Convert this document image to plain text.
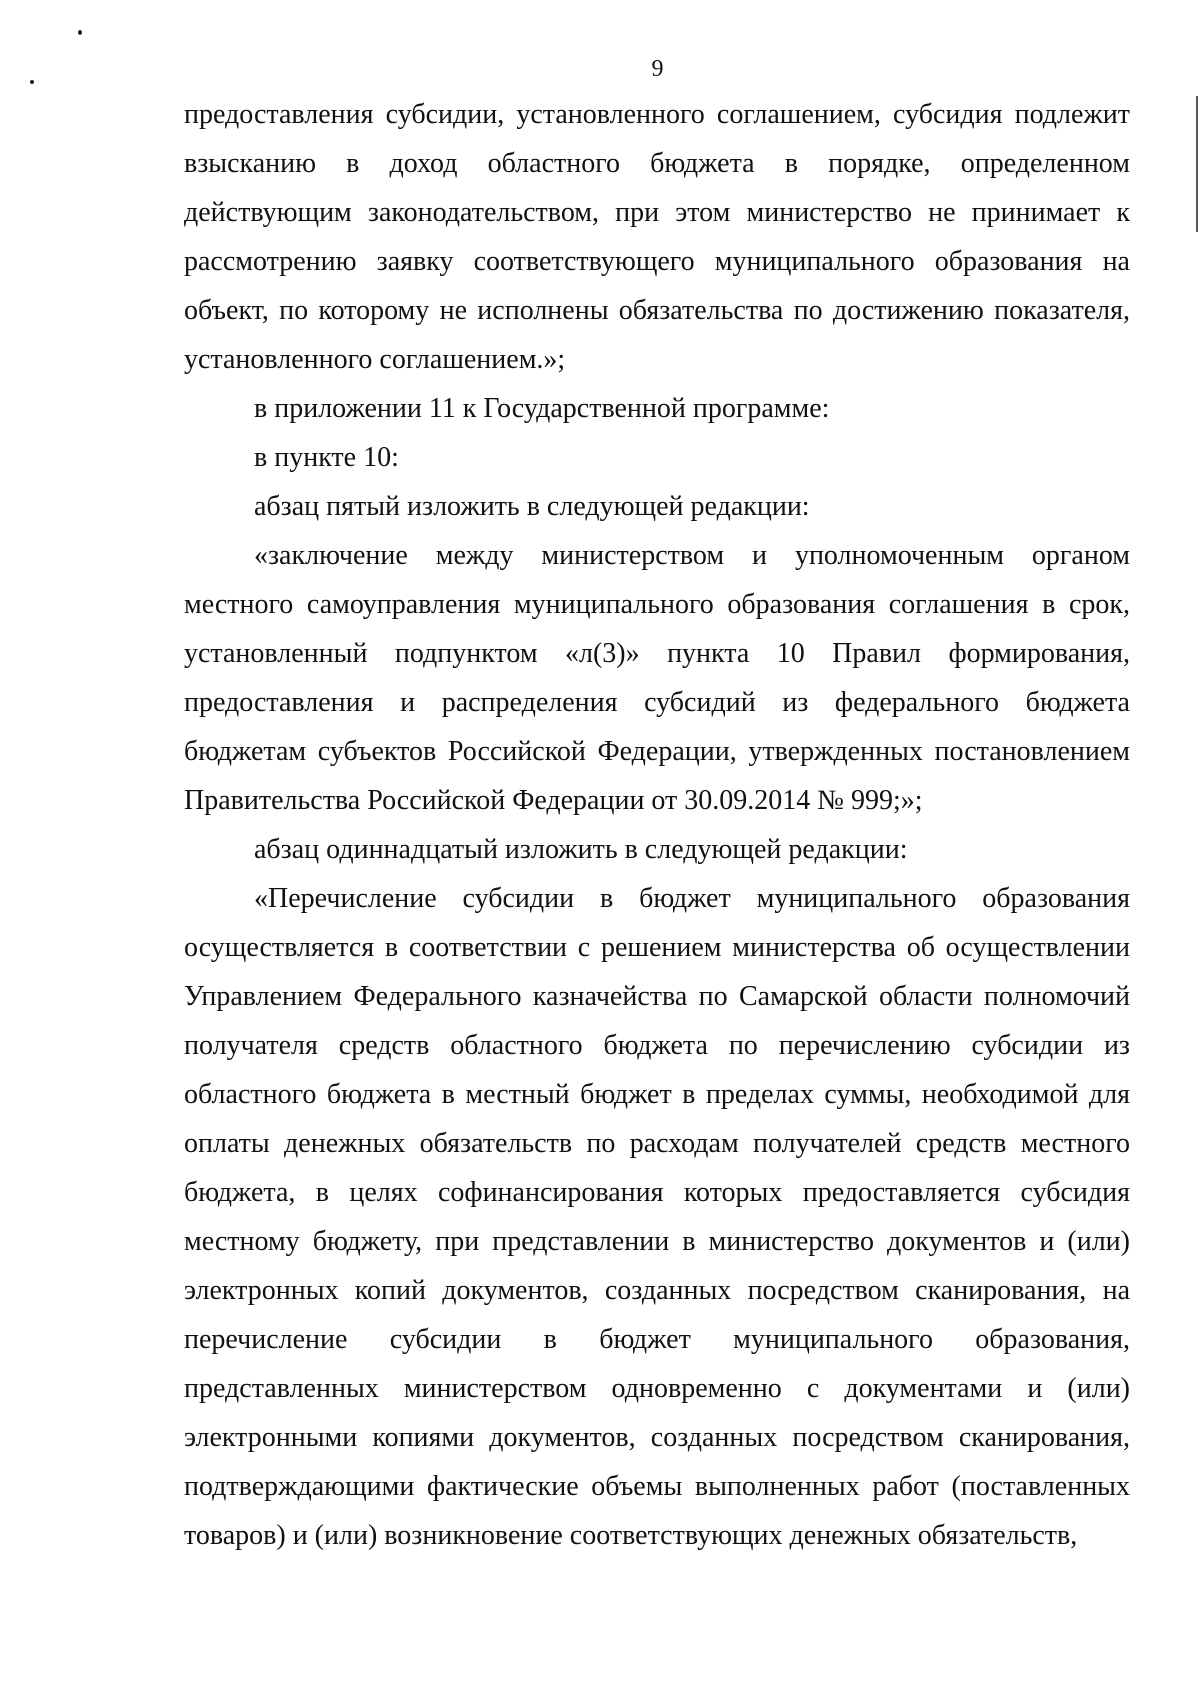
9

предоставления субсидии, установленного соглашением, субсидия подлежит взысканию в доход областного бюджета в порядке, определенном действующим законодательством, при этом министерство не принимает к рассмотрению заявку соответствующего муниципального образования на объект, по которому не исполнены обязательства по достижению показателя, установленного соглашением.»;

в приложении 11 к Государственной программе:

в пункте 10:

абзац пятый изложить в следующей редакции:

«заключение между министерством и уполномоченным органом местного самоуправления муниципального образования соглашения в срок, установленный подпунктом «л(3)» пункта 10 Правил формирования, предоставления и распределения субсидий из федерального бюджета бюджетам субъектов Российской Федерации, утвержденных постановлением Правительства Российской Федерации от 30.09.2014 № 999;»;

абзац одиннадцатый изложить в следующей редакции:

«Перечисление субсидии в бюджет муниципального образования осуществляется в соответствии с решением министерства об осуществлении Управлением Федерального казначейства по Самарской области полномочий получателя средств областного бюджета по перечислению субсидии из областного бюджета в местный бюджет в пределах суммы, необходимой для оплаты денежных обязательств по расходам получателей средств местного бюджета, в целях софинансирования которых предоставляется субсидия местному бюджету, при представлении в министерство документов и (или) электронных копий документов, созданных посредством сканирования, на перечисление субсидии в бюджет муниципального образования, представленных министерством одновременно с документами и (или) электронными копиями документов, созданных посредством сканирования, подтверждающими фактические объемы выполненных работ (поставленных товаров) и (или) возникновение соответствующих денежных обязательств,
